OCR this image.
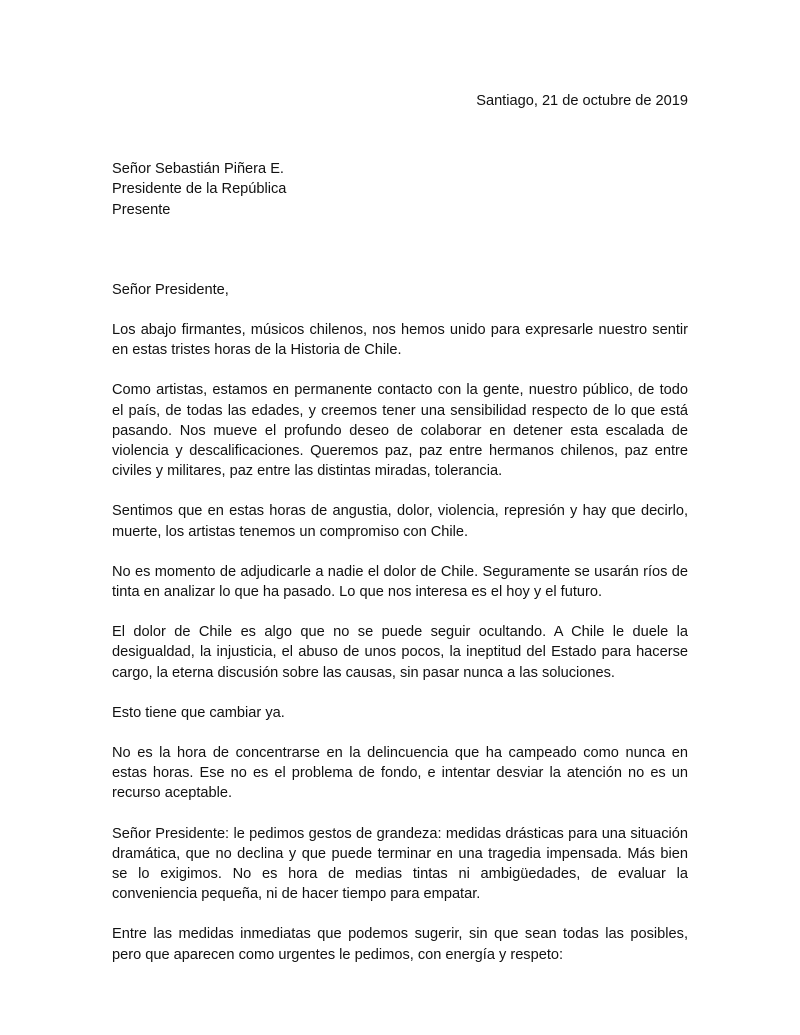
Santiago, 21 de octubre de 2019
Señor Sebastián Piñera E.
Presidente de la República
Presente
Señor Presidente,

Los abajo firmantes, músicos chilenos, nos hemos unido para expresarle nuestro sentir en estas tristes horas de la Historia de Chile.

Como artistas, estamos en permanente contacto con la gente, nuestro público, de todo el país, de todas las edades, y creemos tener una sensibilidad respecto de lo que está pasando. Nos mueve el profundo deseo de colaborar en detener esta escalada de violencia y descalificaciones. Queremos paz, paz entre hermanos chilenos, paz entre civiles y militares, paz entre las distintas miradas, tolerancia.

Sentimos que en estas horas de angustia, dolor, violencia, represión y hay que decirlo, muerte, los artistas tenemos un compromiso con Chile.

No es momento de adjudicarle a nadie el dolor de Chile. Seguramente se usarán ríos de tinta en analizar lo que ha pasado. Lo que nos interesa es el hoy y el futuro.

El dolor de Chile es algo que no se puede seguir ocultando. A Chile le duele la desigualdad, la injusticia, el abuso de unos pocos, la ineptitud del Estado para hacerse cargo, la eterna discusión sobre las causas, sin pasar nunca a las soluciones.

Esto tiene que cambiar ya.

No es la hora de concentrarse en la delincuencia que ha campeado como nunca en estas horas. Ese no es el problema de fondo, e intentar desviar la atención no es un recurso aceptable.

Señor Presidente: le pedimos gestos de grandeza: medidas drásticas para una situación dramática, que no declina y que puede terminar en una tragedia impensada. Más bien se lo exigimos. No es hora de medias tintas ni ambigüedades, de evaluar la conveniencia pequeña, ni de hacer tiempo para empatar.

Entre las medidas inmediatas que podemos sugerir, sin que sean todas las posibles, pero que aparecen como urgentes le pedimos, con energía y respeto:
